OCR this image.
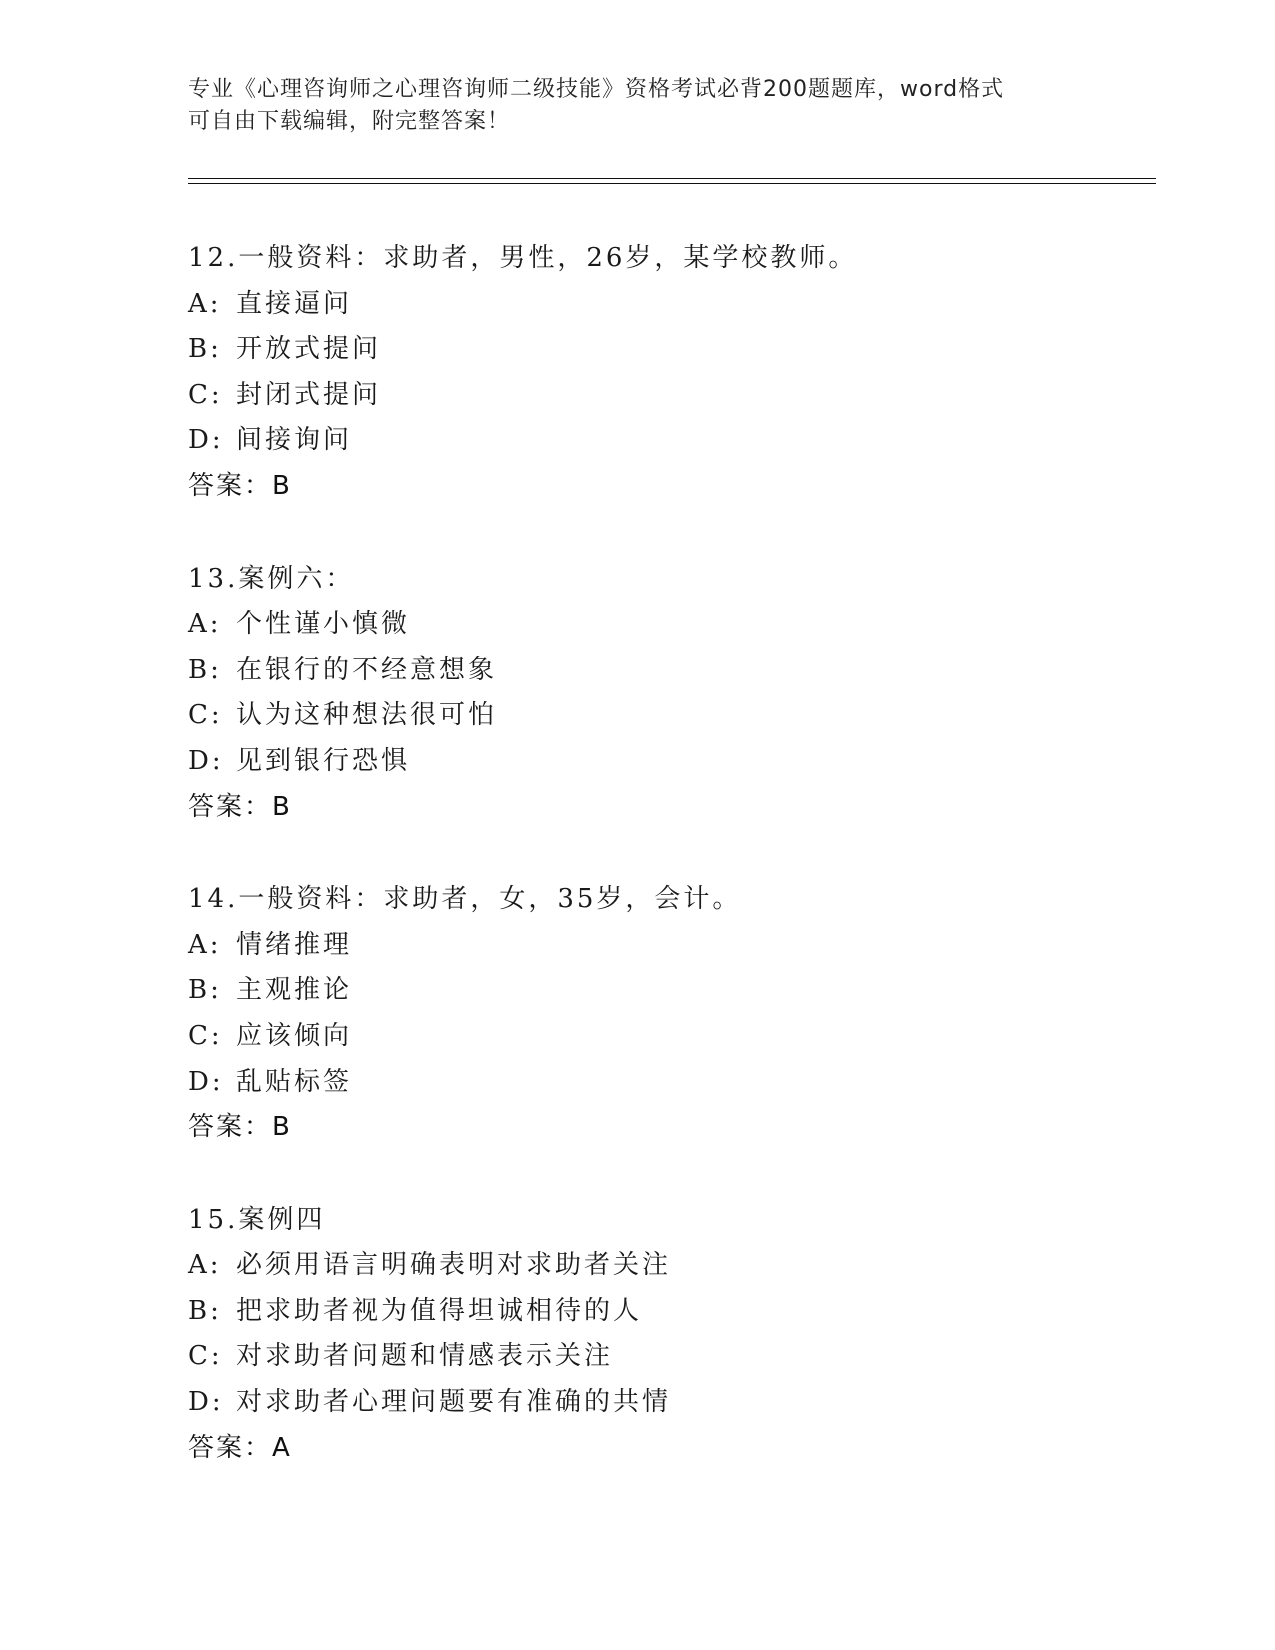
专业《心理咨询师之心理咨询师二级技能》资格考试必背200题题库，word格式
可自由下载编辑，附完整答案！
12.一般资料：求助者，男性，26岁，某学校教师。
A: 直接逼问
B: 开放式提问
C: 封闭式提问
D: 间接询问
答案：B
13.案例六：
A: 个性谨小慎微
B: 在银行的不经意想象
C: 认为这种想法很可怕
D: 见到银行恐惧
答案：B
14.一般资料：求助者，女，35岁，会计。
A: 情绪推理
B: 主观推论
C: 应该倾向
D: 乱贴标签
答案：B
15.案例四
A: 必须用语言明确表明对求助者关注
B: 把求助者视为值得坦诚相待的人
C: 对求助者问题和情感表示关注
D: 对求助者心理问题要有准确的共情
答案：A
